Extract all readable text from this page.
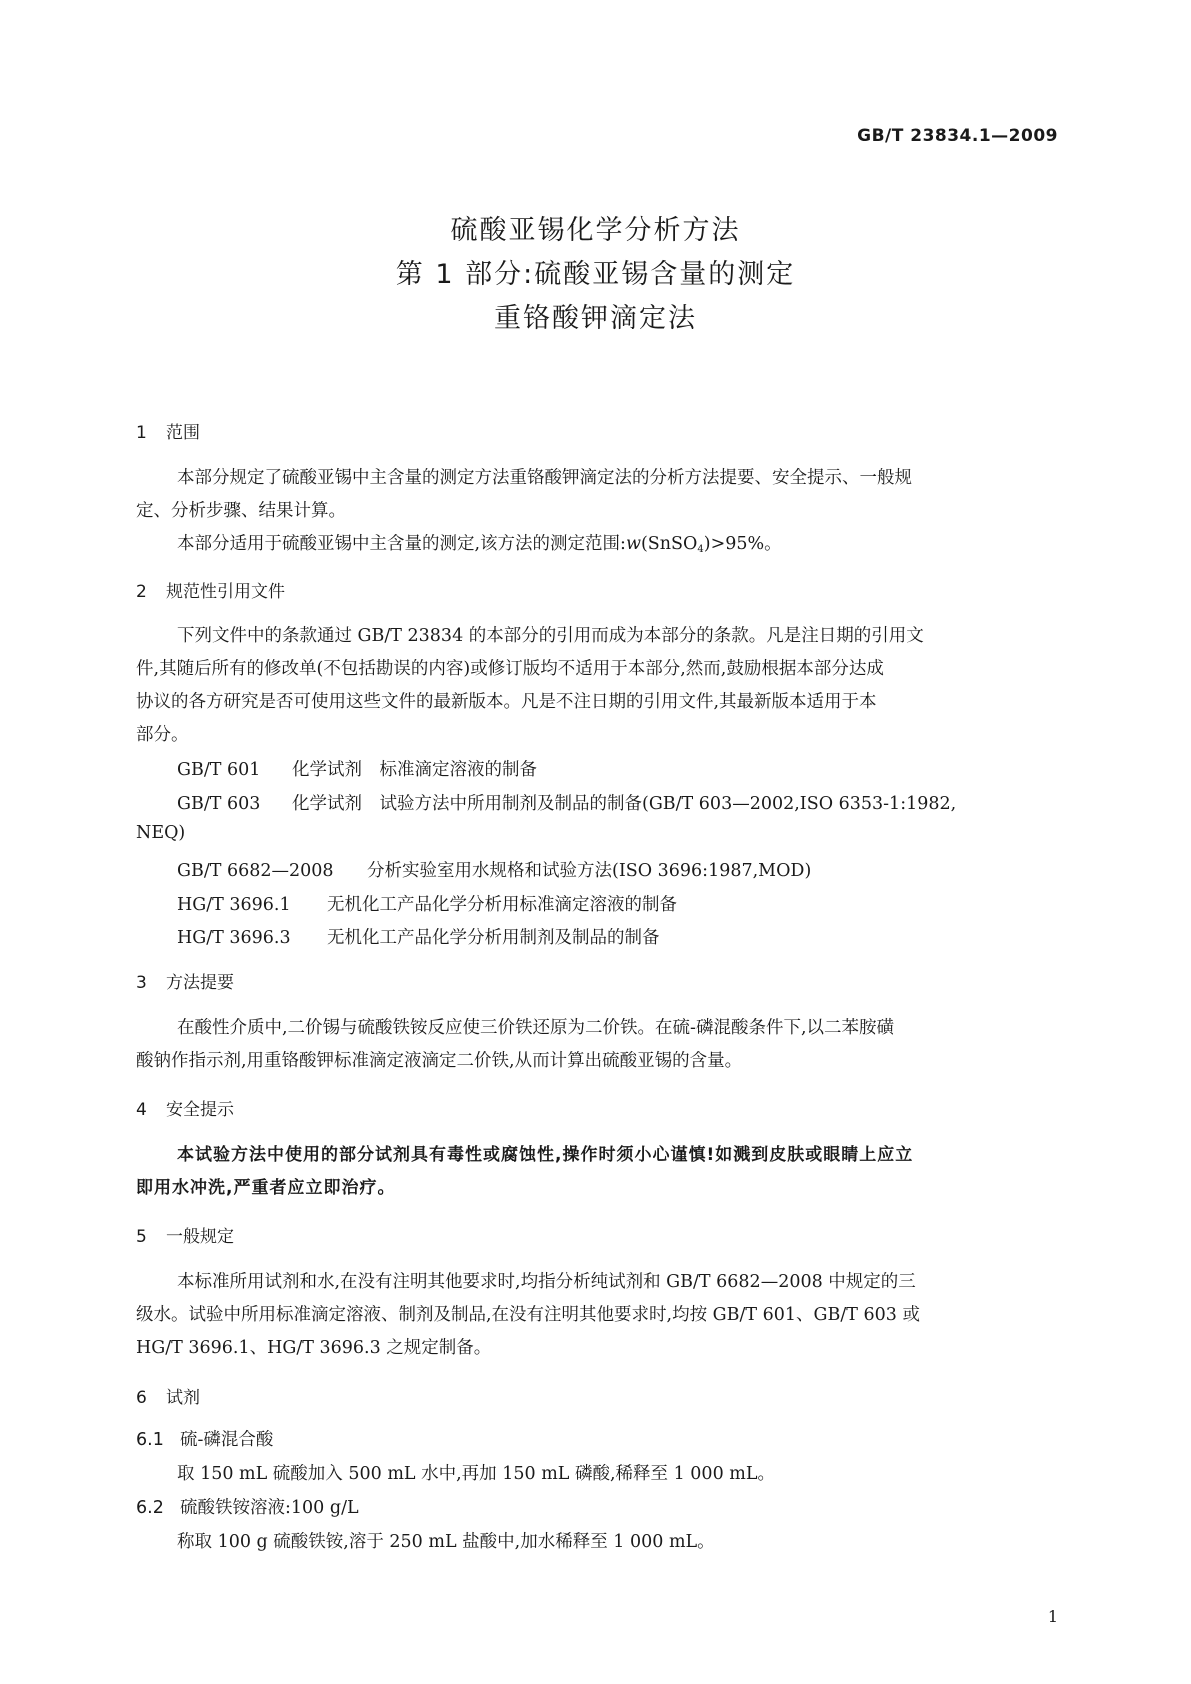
GB/T 23834.1—2009
硫酸亚锡化学分析方法
第 1 部分:硫酸亚锡含量的测定
重铬酸钾滴定法
1 范围
本部分规定了硫酸亚锡中主含量的测定方法重铬酸钾滴定法的分析方法提要、安全提示、一般规
定、分析步骤、结果计算。
本部分适用于硫酸亚锡中主含量的测定,该方法的测定范围:w(SnSO$_4$)>95%。
2 规范性引用文件
下列文件中的条款通过 GB/T 23834 的本部分的引用而成为本部分的条款。凡是注日期的引用文
件,其随后所有的修改单(不包括勘误的内容)或修订版均不适用于本部分,然而,鼓励根据本部分达成
协议的各方研究是否可使用这些文件的最新版本。凡是不注日期的引用文件,其最新版本适用于本
部分。
GB/T 601 化学试剂　标准滴定溶液的制备
GB/T 603 化学试剂　试验方法中所用制剂及制品的制备(GB/T 603—2002,ISO 6353-1:1982,
NEQ)
GB/T 6682—2008 分析实验室用水规格和试验方法(ISO 3696:1987,MOD)
HG/T 3696.1 无机化工产品化学分析用标准滴定溶液的制备
HG/T 3696.3 无机化工产品化学分析用制剂及制品的制备
3 方法提要
在酸性介质中,二价锡与硫酸铁铵反应使三价铁还原为二价铁。在硫-磷混酸条件下,以二苯胺磺
酸钠作指示剂,用重铬酸钾标准滴定液滴定二价铁,从而计算出硫酸亚锡的含量。
4 安全提示
本试验方法中使用的部分试剂具有毒性或腐蚀性,操作时须小心谨慎!如溅到皮肤或眼睛上应立
即用水冲洗,严重者应立即治疗。
5 一般规定
本标准所用试剂和水,在没有注明其他要求时,均指分析纯试剂和 GB/T 6682—2008 中规定的三
级水。试验中所用标准滴定溶液、制剂及制品,在没有注明其他要求时,均按 GB/T 601、GB/T 603 或
HG/T 3696.1、HG/T 3696.3 之规定制备。
6 试剂
6.1 硫-磷混合酸
取 150 mL 硫酸加入 500 mL 水中,再加 150 mL 磷酸,稀释至 1 000 mL。
6.2 硫酸铁铵溶液:100 g/L
称取 100 g 硫酸铁铵,溶于 250 mL 盐酸中,加水稀释至 1 000 mL。
1
